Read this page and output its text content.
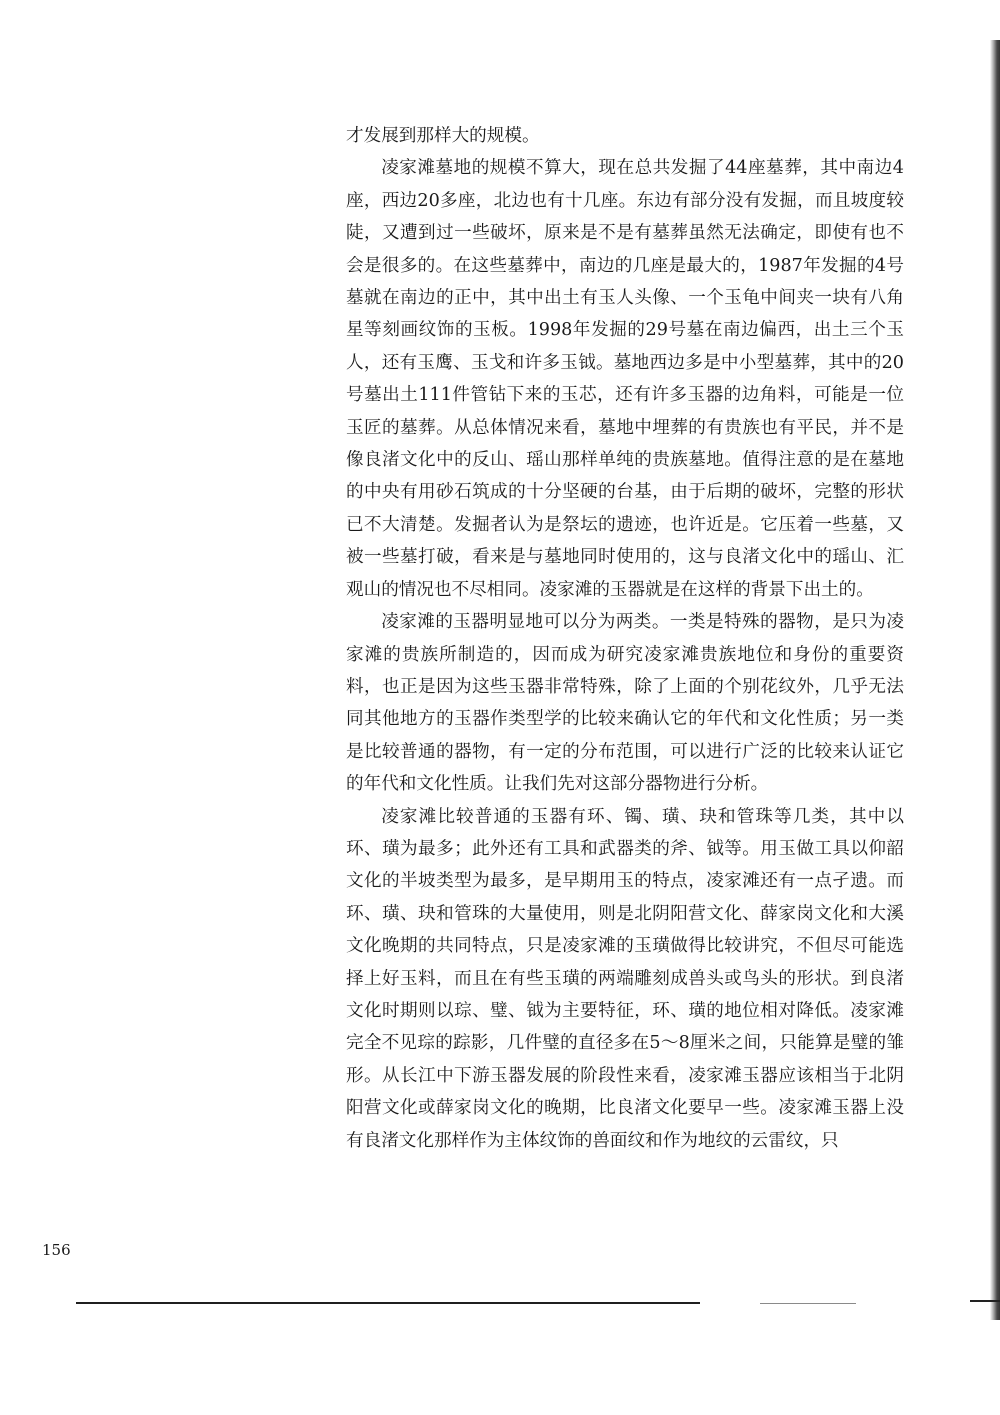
才发展到那样大的规模。

凌家滩墓地的规模不算大，现在总共发掘了44座墓葬，其中南边4座，西边20多座，北边也有十几座。东边有部分没有发掘，而且坡度较陡，又遭到过一些破坏，原来是不是有墓葬虽然无法确定，即使有也不会是很多的。在这些墓葬中，南边的几座是最大的，1987年发掘的4号墓就在南边的正中，其中出土有玉人头像、一个玉龟中间夹一块有八角星等刻画纹饰的玉板。1998年发掘的29号墓在南边偏西，出土三个玉人，还有玉鹰、玉戈和许多玉钺。墓地西边多是中小型墓葬，其中的20号墓出土111件管钻下来的玉芯，还有许多玉器的边角料，可能是一位玉匠的墓葬。从总体情况来看，墓地中埋葬的有贵族也有平民，并不是像良渚文化中的反山、瑶山那样单纯的贵族墓地。值得注意的是在墓地的中央有用砂石筑成的十分坚硬的台基，由于后期的破坏，完整的形状已不大清楚。发掘者认为是祭坛的遗迹，也许近是。它压着一些墓，又被一些墓打破，看来是与墓地同时使用的，这与良渚文化中的瑶山、汇观山的情况也不尽相同。凌家滩的玉器就是在这样的背景下出土的。

凌家滩的玉器明显地可以分为两类。一类是特殊的器物，是只为凌家滩的贵族所制造的，因而成为研究凌家滩贵族地位和身份的重要资料，也正是因为这些玉器非常特殊，除了上面的个别花纹外，几乎无法同其他地方的玉器作类型学的比较来确认它的年代和文化性质；另一类是比较普通的器物，有一定的分布范围，可以进行广泛的比较来认证它的年代和文化性质。让我们先对这部分器物进行分析。

凌家滩比较普通的玉器有环、镯、璜、玦和管珠等几类，其中以环、璜为最多；此外还有工具和武器类的斧、钺等。用玉做工具以仰韶文化的半坡类型为最多，是早期用玉的特点，凌家滩还有一点孑遗。而环、璜、玦和管珠的大量使用，则是北阴阳营文化、薛家岗文化和大溪文化晚期的共同特点，只是凌家滩的玉璜做得比较讲究，不但尽可能选择上好玉料，而且在有些玉璜的两端雕刻成兽头或鸟头的形状。到良渚文化时期则以琮、璧、钺为主要特征，环、璜的地位相对降低。凌家滩完全不见琮的踪影，几件璧的直径多在5～8厘米之间，只能算是璧的雏形。从长江中下游玉器发展的阶段性来看，凌家滩玉器应该相当于北阴阳营文化或薛家岗文化的晚期，比良渚文化要早一些。凌家滩玉器上没有良渚文化那样作为主体纹饰的兽面纹和作为地纹的云雷纹，只

156
